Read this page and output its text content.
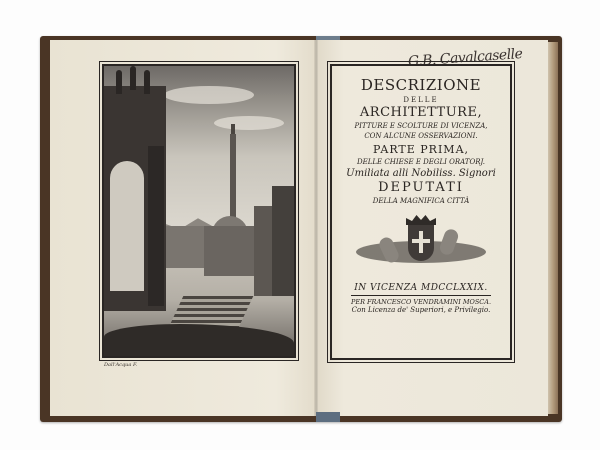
Dall'Acqua F.
G.B. Cavalcaselle
DESCRIZIONE
DELLE
ARCHITETTURE,
PITTURE E SCOLTURE DI VICENZA,
CON ALCUNE OSSERVAZIONI.
PARTE PRIMA,
DELLE CHIESE E DEGLI ORATORJ.
Umiliata alli Nobiliss. Signori
DEPUTATI
DELLA MAGNIFICA CITTÀ
IN VICENZA MDCCLXXIX.
PER FRANCESCO VENDRAMINI MOSCA.
Con Licenza de' Superiori, e Privilegio.
